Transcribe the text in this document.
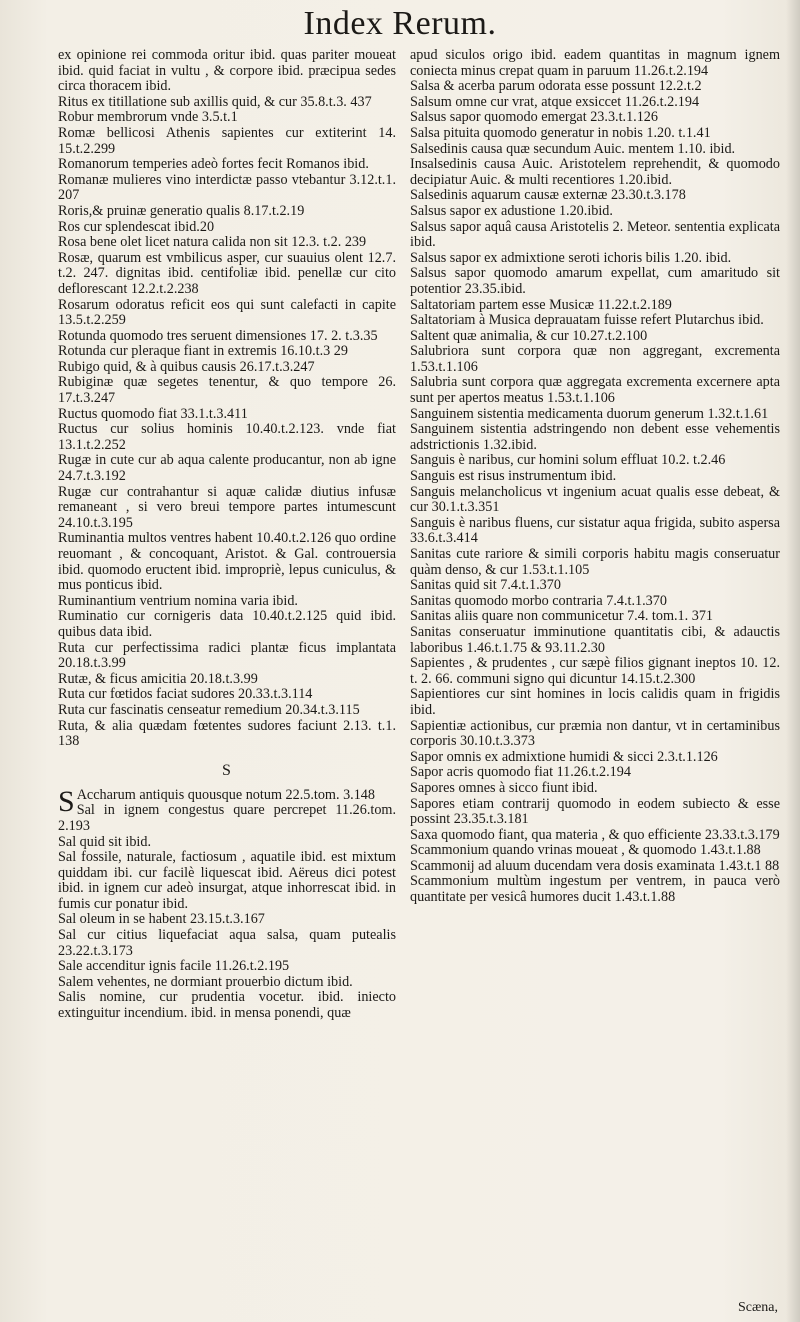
Index Rerum.

ex opinione rei commoda oritur ibid. quas pariter moueat ibid. quid faciat in vultu , & corpore ibid. præcipua sedes circa thoracem ibid.

Ritus ex titillatione sub axillis quid, & cur 35.8.t.3. 437

Robur membrorum vnde 3.5.t.1

Romæ bellicosi Athenis sapientes cur extiterint 14. 15.t.2.299

Romanorum temperies adeò fortes fecit Romanos ibid.

Romanæ mulieres vino interdictæ passo vtebantur 3.12.t.1. 207

Roris,& pruinæ generatio qualis 8.17.t.2.19

Ros cur splendescat ibid.20

Rosa bene olet licet natura calida non sit 12.3. t.2. 239

Rosæ, quarum est vmbilicus asper, cur suauius olent 12.7. t.2. 247. dignitas ibid. centifoliæ ibid. penellæ cur cito deflorescant 12.2.t.2.238

Rosarum odoratus reficit eos qui sunt calefacti in capite 13.5.t.2.259

Rotunda quomodo tres seruent dimensiones 17. 2. t.3.35

Rotunda cur pleraque fiant in extremis 16.10.t.3 29

Rubigo quid, & à quibus causis 26.17.t.3.247

Rubiginæ quæ segetes tenentur, & quo tempore 26. 17.t.3.247

Ructus quomodo fiat 33.1.t.3.411

Ructus cur solius hominis 10.40.t.2.123. vnde fiat 13.1.t.2.252

Rugæ in cute cur ab aqua calente producantur, non ab igne 24.7.t.3.192

Rugæ cur contrahantur si aquæ calidæ diutius infusæ remaneant , si vero breui tempore partes intumescunt 24.10.t.3.195

Ruminantia multos ventres habent 10.40.t.2.126 quo ordine reuomant , & concoquant, Aristot. & Gal. controuersia ibid. quomodo eructent ibid. impropriè, lepus cuniculus, & mus ponticus ibid.

Ruminantium ventrium nomina varia ibid.

Ruminatio cur cornigeris data 10.40.t.2.125 quid ibid. quibus data ibid.

Ruta cur perfectissima radici plantæ ficus implantata 20.18.t.3.99

Rutæ, & ficus amicitia 20.18.t.3.99

Ruta cur fœtidos faciat sudores 20.33.t.3.114

Ruta cur fascinatis censeatur remedium 20.34.t.3.115

Ruta, & alia quædam fœtentes sudores faciunt 2.13. t.1. 138

S

S Accharum antiquis quousque notum 22.5.tom. 3.148

Sal in ignem congestus quare percrepet 11.26.tom. 2.193

Sal quid sit ibid.

Sal fossile, naturale, factiosum , aquatile ibid. est mixtum quiddam ibi. cur facilè liquescat ibid. Aëreus dici potest ibid. in ignem cur adeò insurgat, atque inhorrescat ibid. in fumis cur ponatur ibid.

Sal oleum in se habent 23.15.t.3.167

Sal cur citius liquefaciat aqua salsa, quam putealis 23.22.t.3.173

Sale accenditur ignis facile 11.26.t.2.195

Salem vehentes, ne dormiant prouerbio dictum ibid.

Salis nomine, cur prudentia vocetur. ibid. iniecto extinguitur incendium. ibid. in mensa ponendi, quæ

apud siculos origo ibid. eadem quantitas in magnum ignem coniecta minus crepat quam in paruum 11.26.t.2.194

Salsa & acerba parum odorata esse possunt 12.2.t.2

Salsum omne cur vrat, atque exsiccet 11.26.t.2.194

Salsus sapor quomodo emergat 23.3.t.1.126

Salsa pituita quomodo generatur in nobis 1.20. t.1.41

Salsedinis causa quæ secundum Auic. mentem 1.10. ibid.

Insalsedinis causa Auic. Aristotelem reprehendit, & quomodo decipiatur Auic. & multi recentiores 1.20.ibid.

Salsedinis aquarum causæ externæ 23.30.t.3.178

Salsus sapor ex adustione 1.20.ibid.

Salsus sapor aquâ causa Aristotelis 2. Meteor. sententia explicata ibid.

Salsus sapor ex admixtione seroti ichoris bilis 1.20. ibid.

Salsus sapor quomodo amarum expellat, cum amaritudo sit potentior 23.35.ibid.

Saltatoriam partem esse Musicæ 11.22.t.2.189

Saltatoriam à Musica deprauatam fuisse refert Plutarchus ibid.

Saltent quæ animalia, & cur 10.27.t.2.100

Salubriora sunt corpora quæ non aggregant, excrementa 1.53.t.1.106

Salubria sunt corpora quæ aggregata excrementa excernere apta sunt per apertos meatus 1.53.t.1.106

Sanguinem sistentia medicamenta duorum generum 1.32.t.1.61

Sanguinem sistentia adstringendo non debent esse vehementis adstrictionis 1.32.ibid.

Sanguis è naribus, cur homini solum effluat 10.2. t.2.46

Sanguis est risus instrumentum ibid.

Sanguis melancholicus vt ingenium acuat qualis esse debeat, & cur 30.1.t.3.351

Sanguis è naribus fluens, cur sistatur aqua frigida, subito aspersa 33.6.t.3.414

Sanitas cute rariore & simili corporis habitu magis conseruatur quàm denso, & cur 1.53.t.1.105

Sanitas quid sit 7.4.t.1.370

Sanitas quomodo morbo contraria 7.4.t.1.370

Sanitas aliis quare non communicetur 7.4. tom.1. 371

Sanitas conseruatur imminutione quantitatis cibi, & adauctis laboribus 1.46.t.1.75 & 93.11.2.30

Sapientes , & prudentes , cur sæpè filios gignant ineptos 10. 12. t. 2. 66. communi signo qui dicuntur 14.15.t.2.300

Sapientiores cur sint homines in locis calidis quam in frigidis ibid.

Sapientiæ actionibus, cur præmia non dantur, vt in certaminibus corporis 30.10.t.3.373

Sapor omnis ex admixtione humidi & sicci 2.3.t.1.126

Sapor acris quomodo fiat 11.26.t.2.194

Sapores omnes à sicco fiunt ibid.

Sapores etiam contrarij quomodo in eodem subiecto & esse possint 23.35.t.3.181

Saxa quomodo fiant, qua materia , & quo efficiente 23.33.t.3.179

Scammonium quando vrinas moueat , & quomodo 1.43.t.1.88

Scammonij ad aluum ducendam vera dosis examinata 1.43.t.1 88

Scammonium multùm ingestum per ventrem, in pauca verò quantitate per vesicâ humores ducit 1.43.t.1.88

Scæna,
